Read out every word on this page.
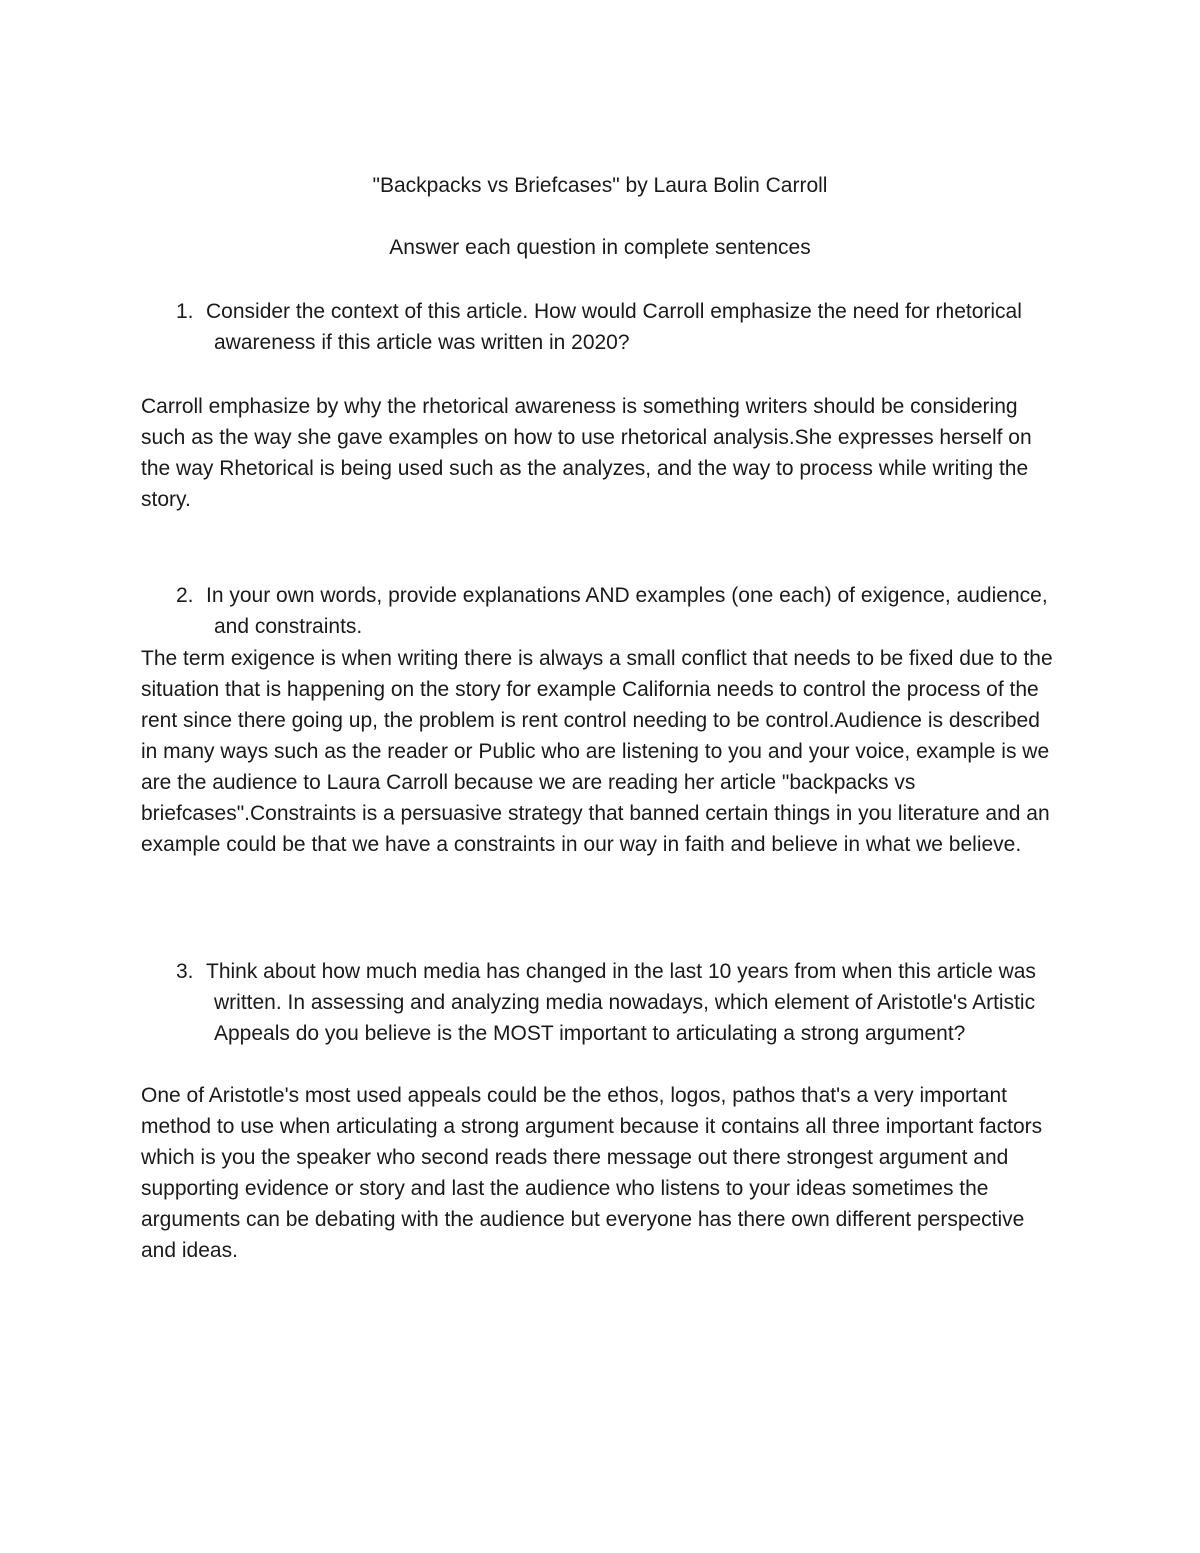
"Backpacks vs Briefcases" by Laura Bolin Carroll

Answer each question in complete sentences

1. Consider the context of this article. How would Carroll emphasize the need for rhetorical awareness if this article was written in 2020?

Carroll emphasize by why the rhetorical awareness is something writers should be considering such as the way she gave examples on how to use rhetorical analysis.She expresses herself on the way Rhetorical is being used such as the analyzes, and the way to process while writing the story.

2. In your own words, provide explanations AND examples (one each) of exigence, audience, and constraints.

The term exigence is when writing there is always a small conflict that needs to be fixed due to the situation that is happening on the story for example California needs to control the process of the rent since there going up, the problem is rent control needing to be control.Audience is described in many ways such as the reader or Public who are listening to you and your voice, example is we are the audience to Laura Carroll because we are reading her article "backpacks vs briefcases".Constraints is a persuasive strategy that banned certain things in you literature and an example could be that we have a constraints in our way in faith and believe in what we believe.

3. Think about how much media has changed in the last 10 years from when this article was written. In assessing and analyzing media nowadays, which element of Aristotle's Artistic Appeals do you believe is the MOST important to articulating a strong argument?

One of Aristotle's most used appeals could be the ethos, logos, pathos that's a very important method to use when articulating a strong argument because it contains all three important factors which is you the speaker who second reads there message out there strongest argument and supporting evidence or story and last the audience who listens to your ideas sometimes the arguments can be debating with the audience but everyone has there own different perspective and ideas.
